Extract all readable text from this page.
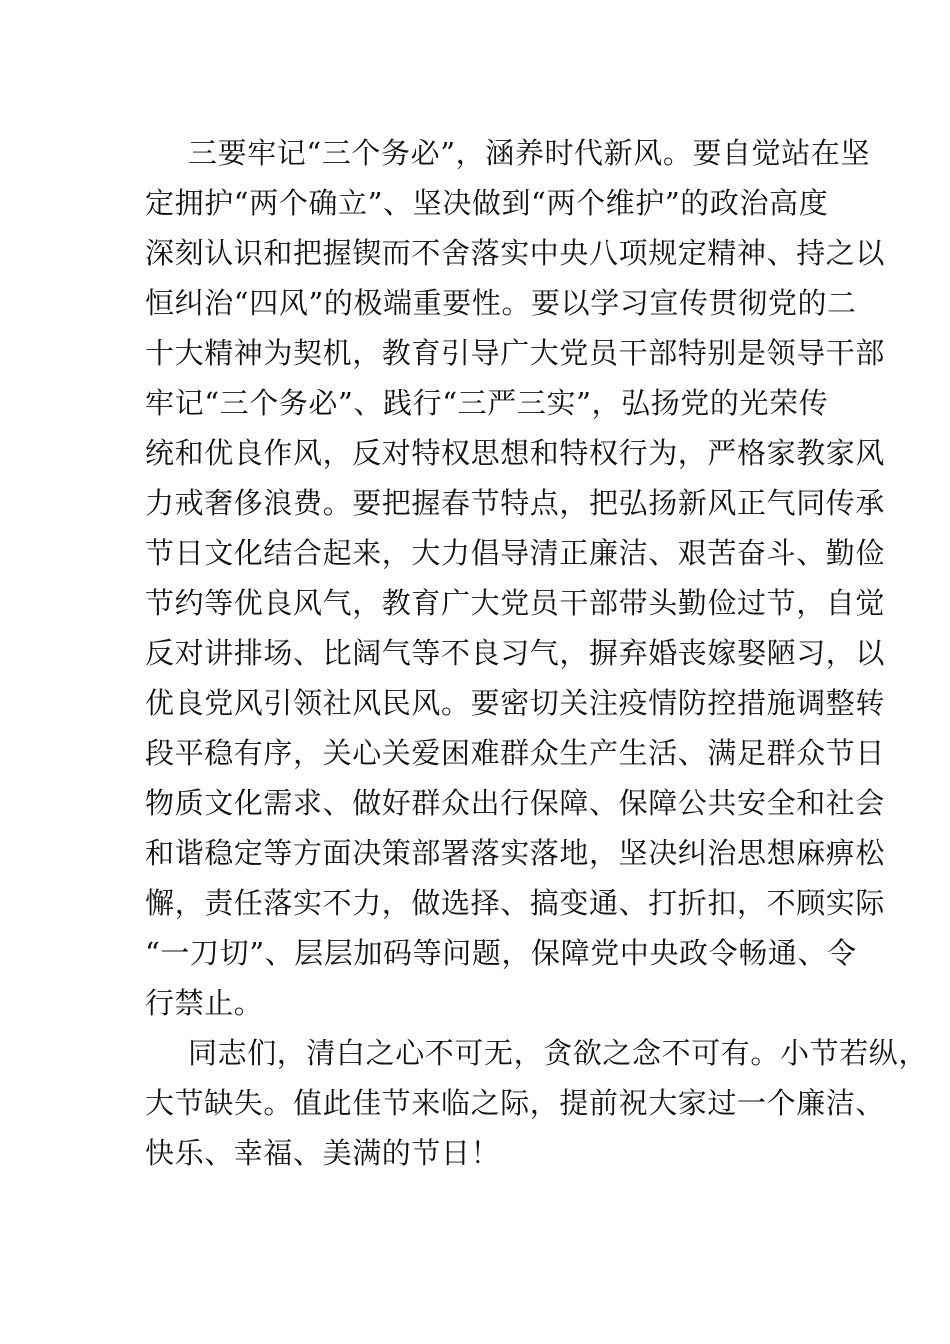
三要牢记“三个务必”，涵养时代新风。要自觉站在坚
定拥护“两个确立”、坚决做到“两个维护”的政治高度
深刻认识和把握锲而不舍落实中央八项规定精神、持之以
恒纠治“四风”的极端重要性。要以学习宣传贯彻党的二
十大精神为契机，教育引导广大党员干部特别是领导干部
牢记“三个务必”、践行“三严三实”，弘扬党的光荣传
统和优良作风，反对特权思想和特权行为，严格家教家风
力戒奢侈浪费。要把握春节特点，把弘扬新风正气同传承
节日文化结合起来，大力倡导清正廉洁、艰苦奋斗、勤俭
节约等优良风气，教育广大党员干部带头勤俭过节，自觉
反对讲排场、比阔气等不良习气，摒弃婚丧嫁娶陋习，以
优良党风引领社风民风。要密切关注疫情防控措施调整转
段平稳有序，关心关爱困难群众生产生活、满足群众节日
物质文化需求、做好群众出行保障、保障公共安全和社会
和谐稳定等方面决策部署落实落地，坚决纠治思想麻痹松
懈，责任落实不力，做选择、搞变通、打折扣，不顾实际
“一刀切”、层层加码等问题，保障党中央政令畅通、令
行禁止。
同志们，清白之心不可无，贪欲之念不可有。小节若纵，
大节缺失。值此佳节来临之际，提前祝大家过一个廉洁、
快乐、幸福、美满的节日！
